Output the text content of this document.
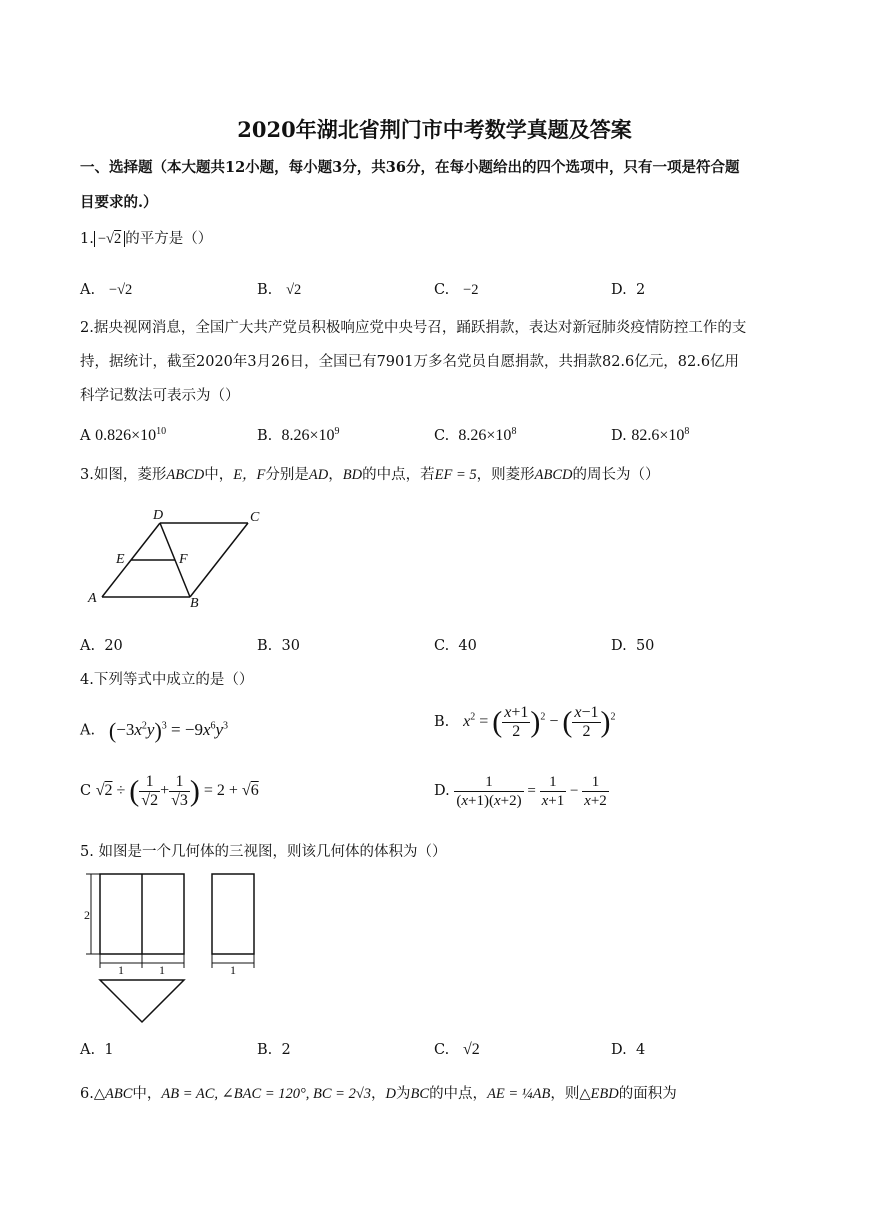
2020年湖北省荆门市中考数学真题及答案
一、选择题（本大题共12小题，每小题3分，共36分，在每小题给出的四个选项中，只有一项是符合题
目要求的.）
1. −√2 的平方是（）
A. −√2	B. √2	C. −2	D. 2
2.据央视网消息，全国广大共产党员积极响应党中央号召，踊跃捐款，表达对新冠肺炎疫情防控工作的支
持，据统计，截至2020年3月26日，全国已有7901万多名党员自愿捐款，共捐款82.6亿元，82.6亿用
科学记数法可表示为（）
A $0.826\times 10^{10}$	B. $8.26\times 10^9$	C. $8.26\times 10^8$	D. $82.6\times 10^8$
3.如图，菱形ABCD中，E，F分别是AD，BD的中点，若EF = 5，则菱形ABCD的周长为（）
A	B
C
D
E	F
A. 20	B. 30	C. 40	D. 50
4.下列等式中成立的是（）
A. $(-3x^2y)^3 = -9x^6y^3$	B. $x^2$ = ( $\frac{x+1}{2} )^2$ − ( $\frac{x-1}{2} )^2$
C √2 ÷ ( $\frac{1}{√2} + \frac{1}{√3}$ ) = 2 + √6	D. $\frac{1}{(x+1)(x+2)} = \frac{1}{x+1} - \frac{1}{x+2}$
5. 如图是一个几何体的三视图，则该几何体的体积为（）
2
1	1	1
A. 1	B. 2	C. √2	D. 4
6.△ABC中，AB = AC, ∠BAC = 120°, BC = 2√3，D为BC的中点，AE = ¼AB，则△EBD的面积为
